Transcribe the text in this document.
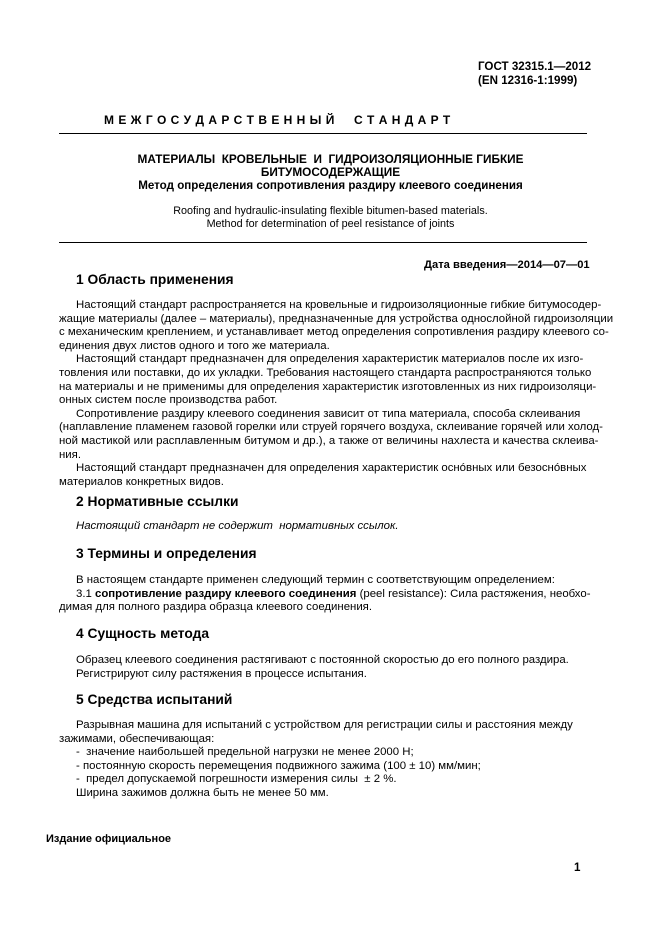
ГОСТ 32315.1—2012
(EN 12316-1:1999)
М Е Ж Г О С У Д А Р С Т В Е Н Н Ы Й     С Т А Н Д А Р Т
МАТЕРИАЛЫ  КРОВЕЛЬНЫЕ  И  ГИДРОИЗОЛЯЦИОННЫЕ ГИБКИЕ
БИТУМОСОДЕРЖАЩИЕ
Метод определения сопротивления раздиру клеевого соединения
Roofing and hydraulic-insulating flexible bitumen-based materials.
Method for determination of peel resistance of joints
Дата введения—2014—07—01
1 Область применения
Настоящий стандарт распространяется на кровельные и гидроизоляционные гибкие битумосодер-
жащие материалы (далее – материалы), предназначенные для устройства однослойной гидроизоляции
с механическим креплением, и устанавливает метод определения сопротивления раздиру клеевого со-
единения двух листов одного и того же материала.
Настоящий стандарт предназначен для определения характеристик материалов после их изго-
товления или поставки, до их укладки. Требования настоящего стандарта распространяются только
на материалы и не применимы для определения характеристик изготовленных из них гидроизоляци-
онных систем после производства работ.
Сопротивление раздиру клеевого соединения зависит от типа материала, способа склеивания
(наплавление пламенем газовой горелки или струей горячего воздуха, склеивание горячей или холод-
ной мастикой или расплавленным битумом и др.), а также от величины нахлеста и качества склеива-
ния.
Настоящий стандарт предназначен для определения характеристик оснóвных или безоснóвных
материалов конкретных видов.
2 Нормативные ссылки
Настоящий стандарт не содержит  нормативных ссылок.
3 Термины и определения
В настоящем стандарте применен следующий термин с соответствующим определением:
3.1 сопротивление раздиру клеевого соединения (peel resistance): Сила растяжения, необхо-
димая для полного раздира образца клеевого соединения.
4 Сущность метода
Образец клеевого соединения растягивают с постоянной скоростью до его полного раздира.
Регистрируют силу растяжения в процессе испытания.
5 Средства испытаний
Разрывная машина для испытаний с устройством для регистрации силы и расстояния между
зажимами, обеспечивающая:
-  значение наибольшей предельной нагрузки не менее 2000 Н;
- постоянную скорость перемещения подвижного зажима (100 ± 10) мм/мин;
-  предел допускаемой погрешности измерения силы  ± 2 %.
Ширина зажимов должна быть не менее 50 мм.
Издание официальное
1
